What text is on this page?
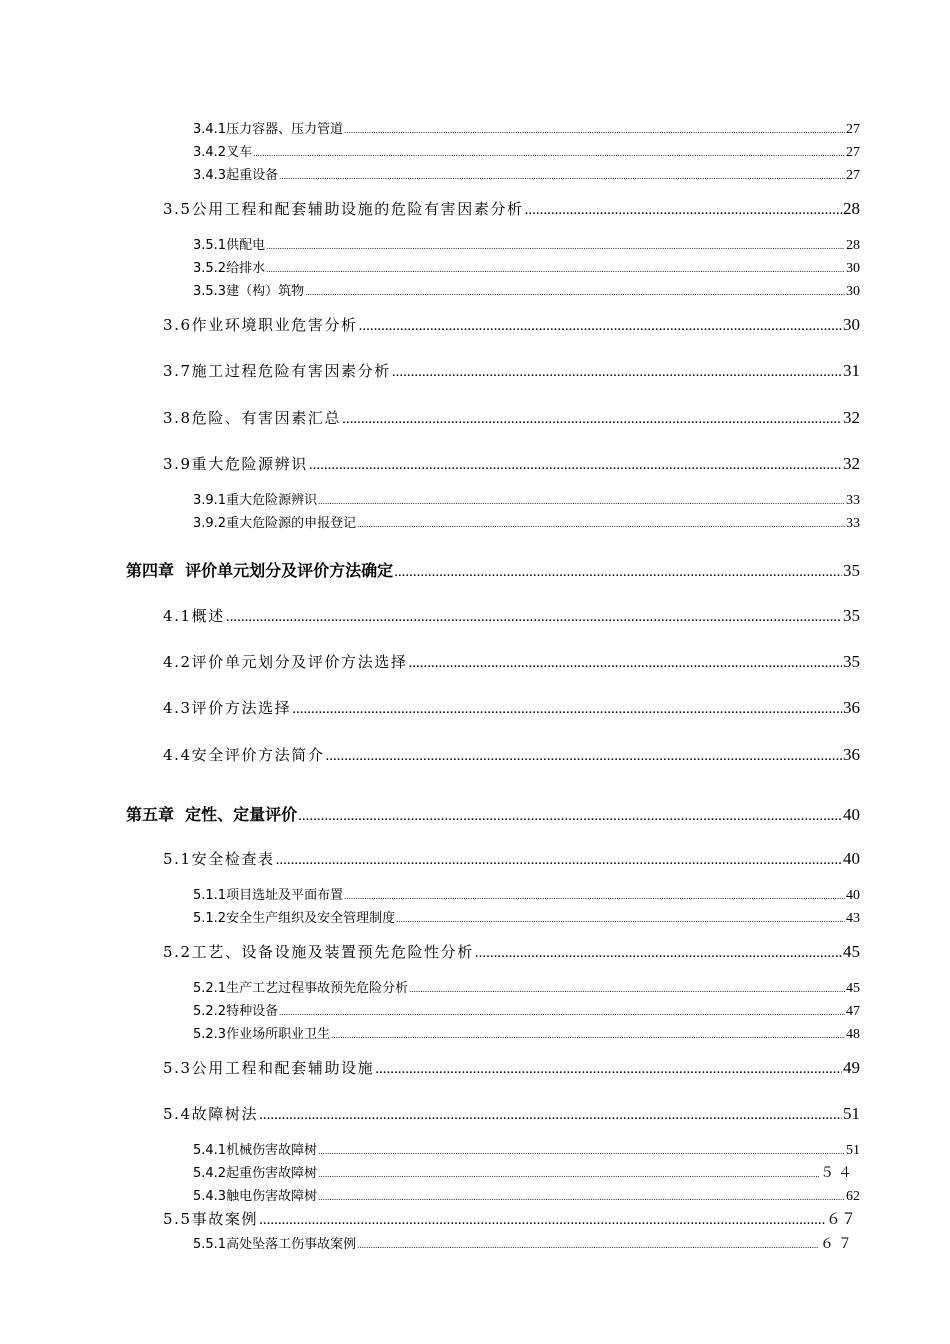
3.4.1压力容器、压力管道 .....	27
3.4.2叉车 .....	27
3.4.3起重设备 .....	27
3.5公用工程和配套辅助设施的危险有害因素分析 .....	28
3.5.1供配电 .....	28
3.5.2给排水 .....	30
3.5.3建（构）筑物 .....	30
3.6作业环境职业危害分析 .....	30
3.7施工过程危险有害因素分析 .....	31
3.8危险、有害因素汇总 .....	32
3.9重大危险源辨识 .....	32
3.9.1重大危险源辨识 .....	33
3.9.2重大危险源的申报登记 .....	33
第四章  评价单元划分及评价方法确定 .....	35
4.1概述 .....	35
4.2评价单元划分及评价方法选择 .....	35
4.3评价方法选择 .....	36
4.4安全评价方法简介 .....	36
第五章  定性、定量评价 .....	40
5.1安全检查表 .....	40
5.1.1项目选址及平面布置 .....	40
5.1.2安全生产组织及安全管理制度 .....	43
5.2工艺、设备设施及装置预先危险性分析 .....	45
5.2.1生产工艺过程事故预先危险分析 .....	45
5.2.2特种设备 .....	47
5.2.3作业场所职业卫生 .....	48
5.3公用工程和配套辅助设施 .....	49
5.4故障树法 .....	51
5.4.1机械伤害故障树 .....	51
5.4.2起重伤害故障树 .....	５４
5.4.3触电伤害故障树 .....	62
5.5事故案例 .....	６７
5.5.1高处坠落工伤事故案例 .....	６７
